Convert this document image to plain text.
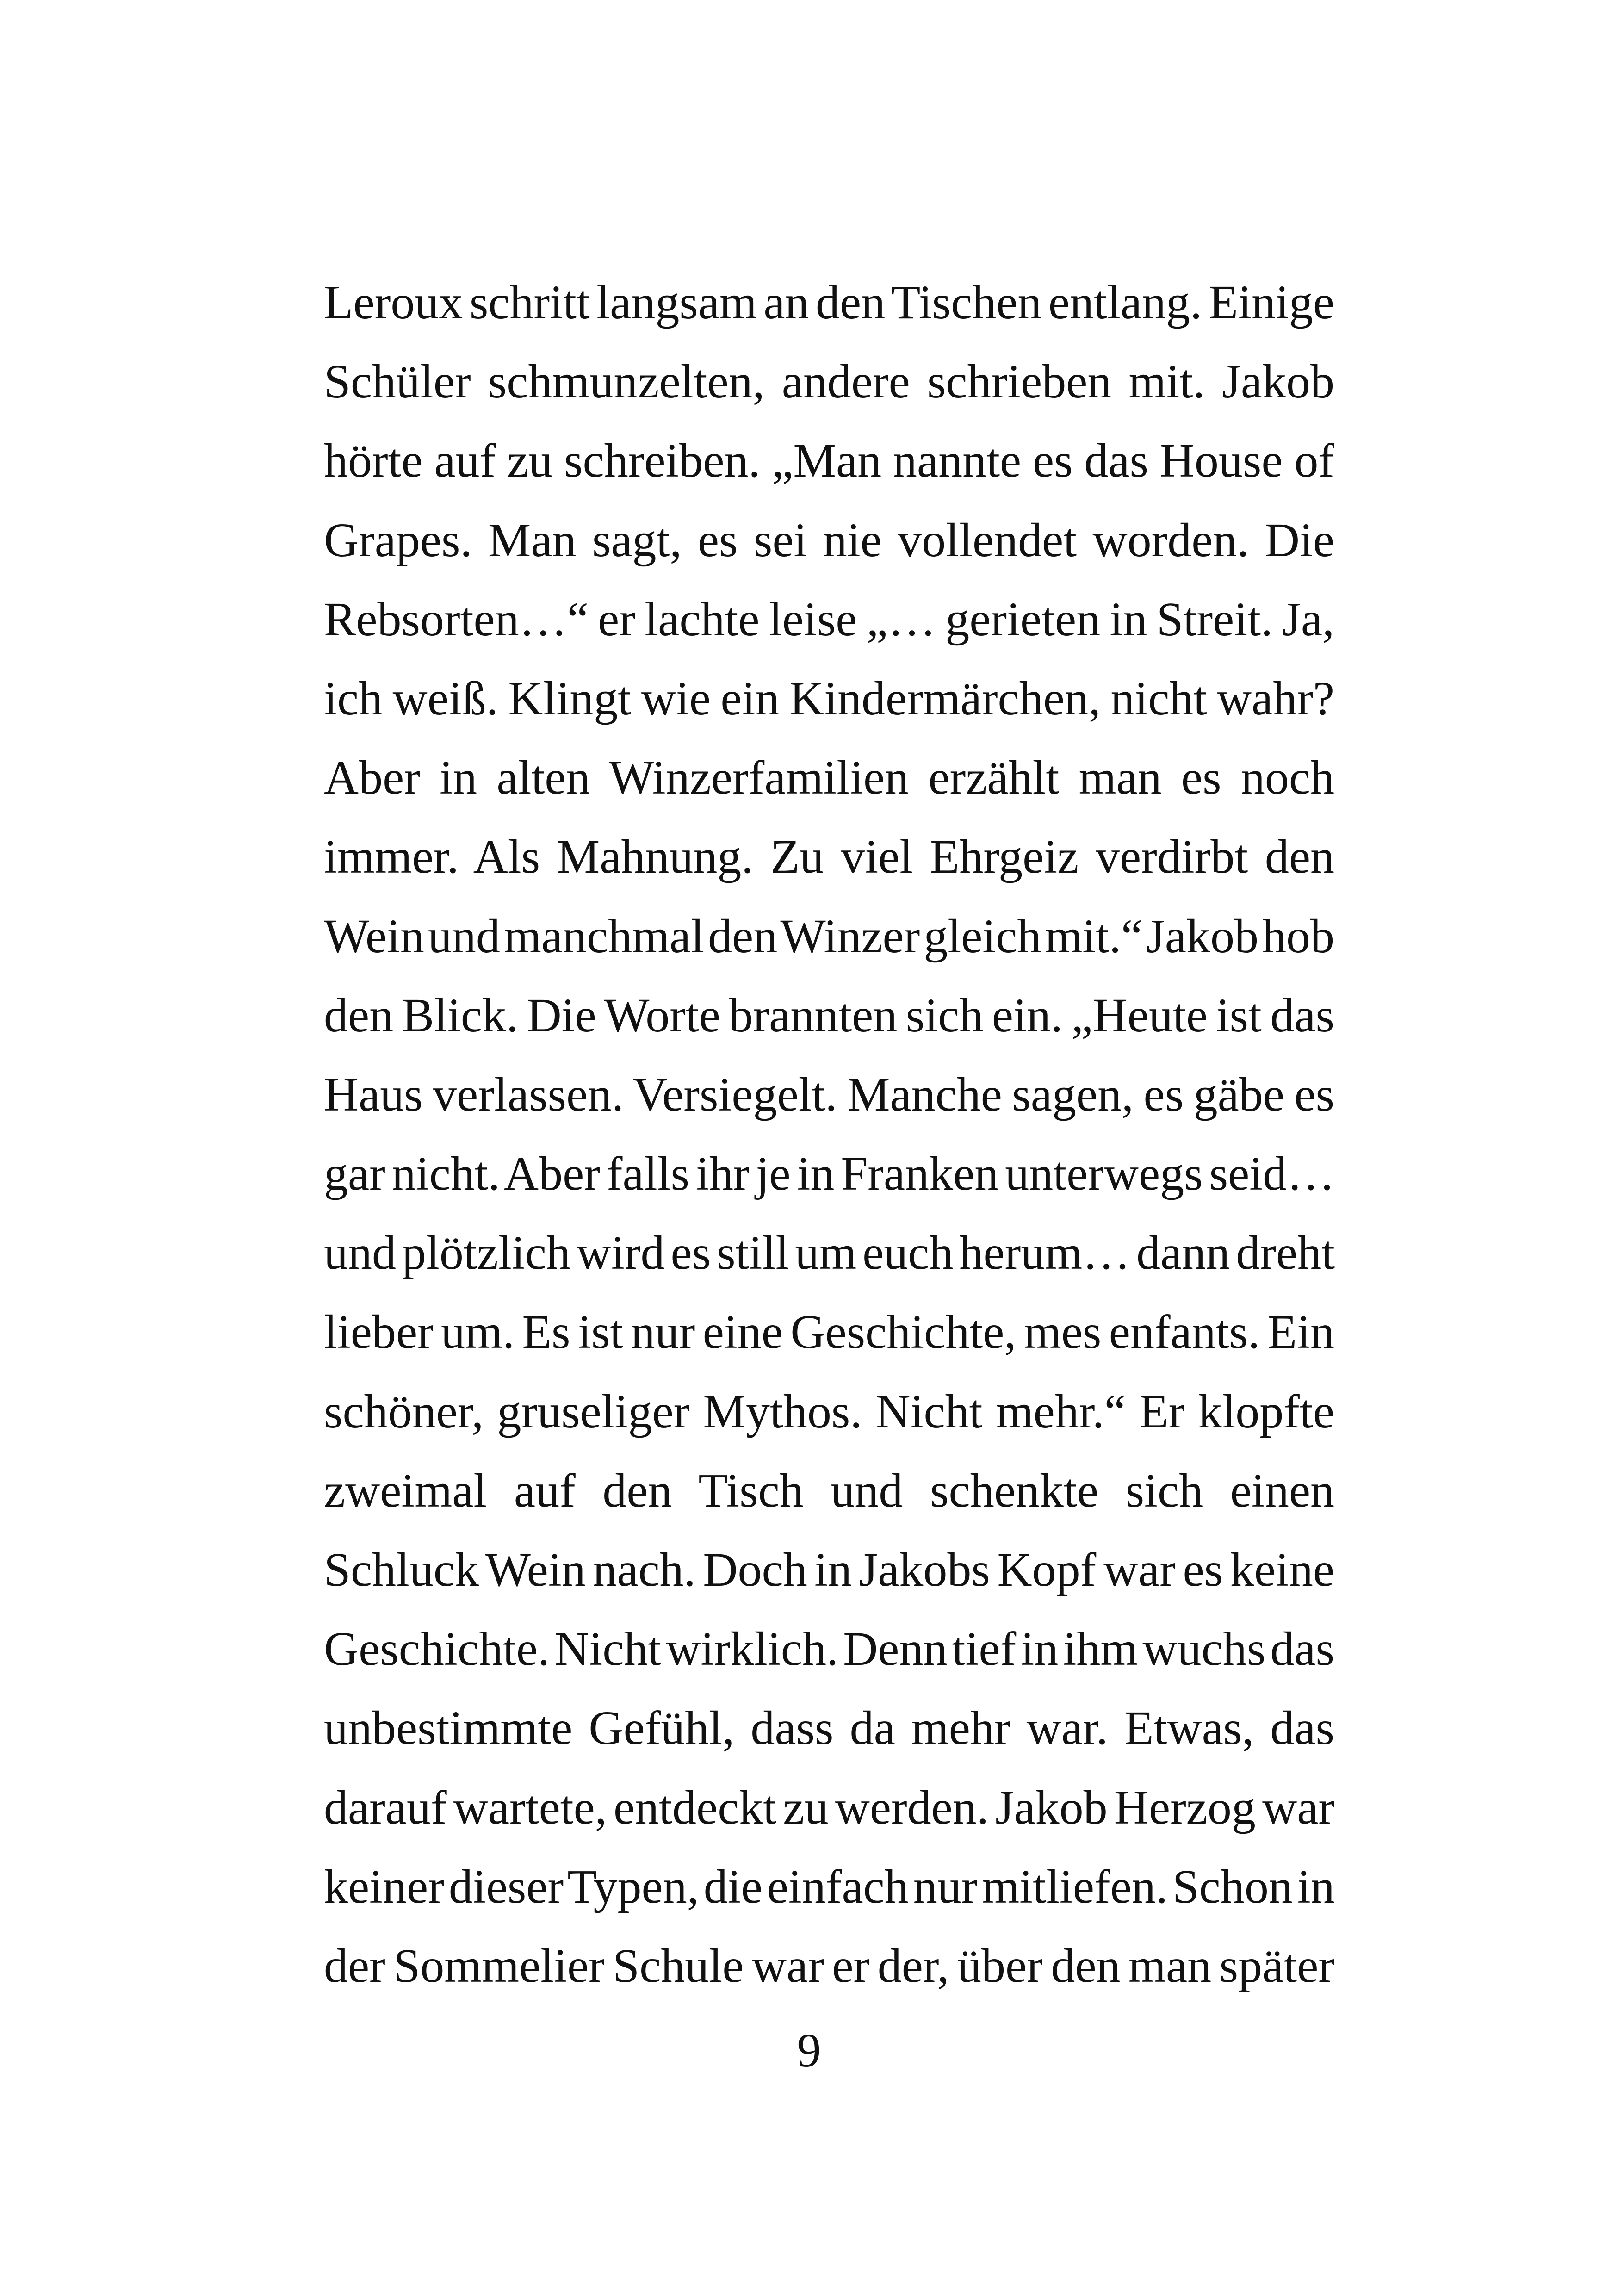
Leroux schritt langsam an den Tischen entlang. Einige
Schüler schmunzelten, andere schrieben mit. Jakob
hörte auf zu schreiben. „Man nannte es das House of
Grapes. Man sagt, es sei nie vollendet worden. Die
Rebsorten…“ er lachte leise „… gerieten in Streit. Ja,
ich weiß. Klingt wie ein Kindermärchen, nicht wahr?
Aber in alten Winzerfamilien erzählt man es noch
immer. Als Mahnung. Zu viel Ehrgeiz verdirbt den
Wein und manchmal den Winzer gleich mit.“ Jakob hob
den Blick. Die Worte brannten sich ein. „Heute ist das
Haus verlassen. Versiegelt. Manche sagen, es gäbe es
gar nicht. Aber falls ihr je in Franken unterwegs seid…
und plötzlich wird es still um euch herum… dann dreht
lieber um. Es ist nur eine Geschichte, mes enfants. Ein
schöner, gruseliger Mythos. Nicht mehr.“ Er klopfte
zweimal auf den Tisch und schenkte sich einen
Schluck Wein nach. Doch in Jakobs Kopf war es keine
Geschichte. Nicht wirklich. Denn tief in ihm wuchs das
unbestimmte Gefühl, dass da mehr war. Etwas, das
darauf wartete, entdeckt zu werden. Jakob Herzog war
keiner dieser Typen, die einfach nur mitliefen. Schon in
der Sommelier Schule war er der, über den man später
9
